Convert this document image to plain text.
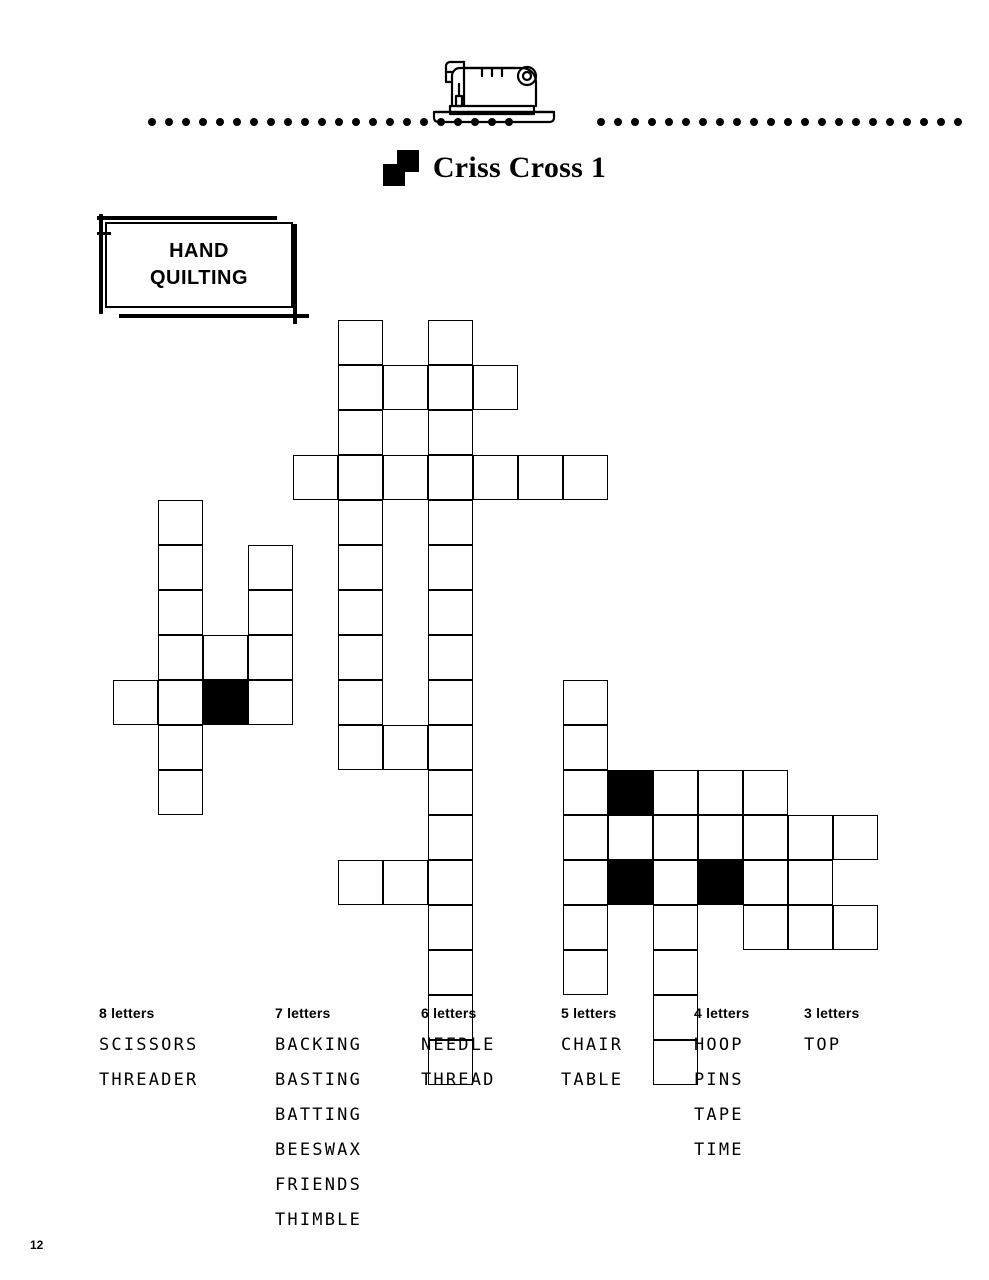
Criss Cross 1
HAND
QUILTING
8 letters
SCISSORS
THREADER
7 letters
BACKING
BASTING
BATTING
BEESWAX
FRIENDS
THIMBLE
6 letters
NEEDLE
THREAD
5 letters
CHAIR
TABLE
4 letters
HOOP
PINS
TAPE
TIME
3 letters
TOP
12
